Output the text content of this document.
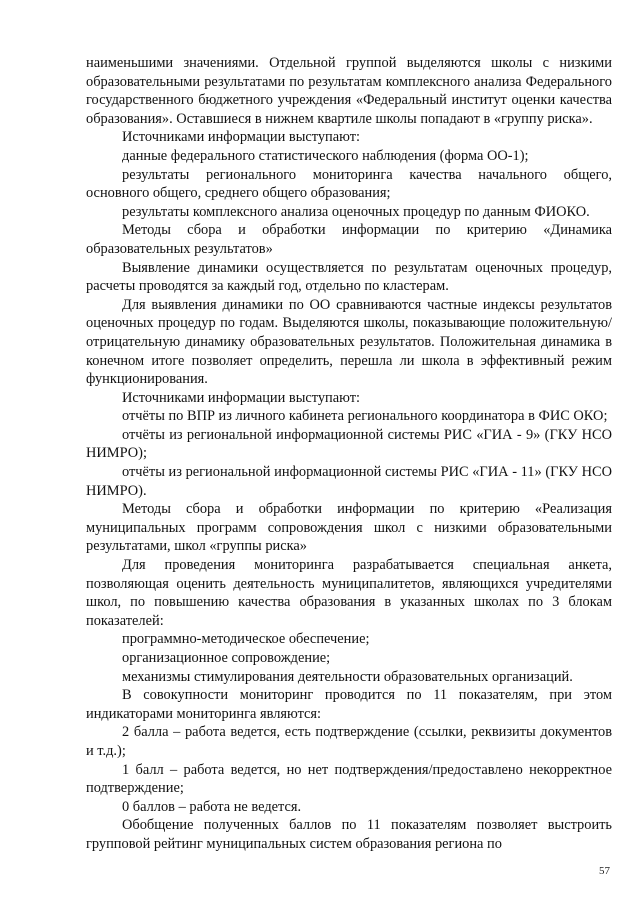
наименьшими значениями. Отдельной группой выделяются школы с низкими образовательными результатами по результатам комплексного анализа Федерального государственного бюджетного учреждения «Федеральный институт оценки качества образования». Оставшиеся в нижнем квартиле школы попадают в «группу риска».

Источниками информации выступают:

данные федерального статистического наблюдения (форма ОО-1);

результаты регионального мониторинга качества начального общего, основного общего, среднего общего образования;

результаты комплексного анализа оценочных процедур по данным ФИОКО.

Методы сбора и обработки информации по критерию «Динамика образовательных результатов»

Выявление динамики осуществляется по результатам оценочных процедур, расчеты проводятся за каждый год, отдельно по кластерам.

Для выявления динамики по ОО сравниваются частные индексы результатов оценочных процедур по годам. Выделяются школы, показывающие положительную/отрицательную динамику образовательных результатов. Положительная динамика в конечном итоге позволяет определить, перешла ли школа в эффективный режим функционирования.

Источниками информации выступают:

отчёты по ВПР из личного кабинета регионального координатора в ФИС ОКО;

отчёты из региональной информационной системы РИС «ГИА - 9» (ГКУ НСО НИМРО);

отчёты из региональной информационной системы РИС «ГИА - 11» (ГКУ НСО НИМРО).

Методы сбора и обработки информации по критерию «Реализация муниципальных программ сопровождения школ с низкими образовательными результатами, школ «группы риска»

Для проведения мониторинга разрабатывается специальная анкета, позволяющая оценить деятельность муниципалитетов, являющихся учредителями школ, по повышению качества образования в указанных школах по 3 блокам показателей:

программно-методическое обеспечение;

организационное сопровождение;

механизмы стимулирования деятельности образовательных организаций.

В совокупности мониторинг проводится по 11 показателям, при этом индикаторами мониторинга являются:

2 балла – работа ведется, есть подтверждение (ссылки, реквизиты документов и т.д.);

1 балл – работа ведется, но нет подтверждения/предоставлено некорректное подтверждение;

0 баллов – работа не ведется.

Обобщение полученных баллов по 11 показателям позволяет выстроить групповой рейтинг муниципальных систем образования региона по

57
